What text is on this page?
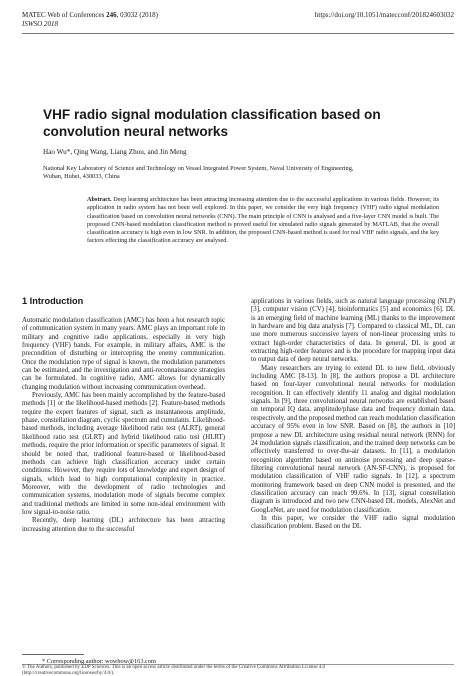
MATEC Web of Conferences 246, 03032 (2018)
ISWSO 2018
https://doi.org/10.1051/matecconf/201824603032
VHF radio signal modulation classification based on convolution neural networks
Hao Wu*, Qing Wang, Liang Zhou, and Jin Meng
National Key Laboratory of Science and Technology on Vessel Integrated Power System, Naval University of Engineering,
Wuhan, Hubei, 430033, China
Abstract. Deep learning architecture has been attracting increasing attention due to the successful applications in various fields. However, its application in radio system has not been well explored. In this paper, we consider the very high frequency (VHF) radio signal modulation classification based on convolution neural networks (CNN). The main principle of CNN is analysed and a five-layer CNN model is built. The proposed CNN-based modulation classification method is proved useful for simulated radio signals generated by MATLAB, that the overall classification accuracy is high even in low SNR. In addition, the proposed CNN-based method is used for real VHF radio signals, and the key factors effecting the classification accuracy are analysed.
1 Introduction

Automatic modulation classification (AMC) has been a hot research topic of communication system in many years. AMC plays an important role in military and cognitive radio applications, especially in very high frequency (VHF) bands. For example, in military affairs, AMC is the precondition of disturbing or intercepting the enemy communication. Once the modulation type of signal is known, the modulation parameters can be estimated, and the investigation and anti-reconnaissance strategies can be formulated. In cognitive radio, AMC allows for dynamically changing modulation without increasing communication overhead.

Previously, AMC has been mainly accomplished by the feature-based methods [1] or the likelihood-based methods [2]. Feature-based methods require the expert features of signal, such as instantaneous amplitude, phase, constellation diagram, cyclic spectrum and cumulants. Likelihood-based methods, including average likelihood ratio test (ALRT), general likelihood ratio test (GLRT) and hybrid likelihood ratio test (HLRT) methods, require the prior information or specific parameters of signal. It should be noted that, traditional feature-based or likelihood-based methods can achieve high classification accuracy under certain conditions. However, they require lots of knowledge and expert design of signals, which lead to high computational complexity in practice. Moreover, with the development of radio technologies and communication systems, modulation mode of signals become complex and traditional methods are limited in some non-ideal environment with low signal-to-noise ratio.

Recently, deep learning (DL) architecture has been attracting increasing attention due to the successful

applications in various fields, such as natural language processing (NLP) [3], computer vision (CV) [4], bioinformatics [5] and economics [6]. DL is an emerging field of machine learning (ML) thanks to the improvement in hardware and big data analysis [7]. Compared to classical ML, DL can use more numerous successive layers of non-linear processing units to extract high-order characteristics of data. In general, DL is good at extracting high-order features and is the procedure for mapping input data to output data of deep neural networks.

Many researchers are trying to extend DL to new field, obviously including AMC [8-13]. In [8], the authors propose a DL architecture based on four-layer convolutional neural networks for modulation recognition. It can effectively identify 11 analog and digital modulation signals. In [9], three convolutional neural networks are established based on temporal IQ data, amplitude/phase data and frequency domain data, respectively, and the proposed method can reach modulation classification accuracy of 95% even in low SNR. Based on [8], the authors in [10] propose a new DL architecture using residual neural network (RNN) for 24 modulation signals classification, and the trained deep networks can be effectively transferred to over-the-air datasets. In [11], a modulation recognition algorithm based on antinoise processing and deep sparse-filtering convolutional neural network (AN-SF-CNN), is proposed for modulation classification of VHF radio signals. In [12], a spectrum monitoring framework based on deep CNN model is presented, and the classification accuracy can reach 99.6%. In [13], signal constellation diagram is introduced and two new CNN-based DL models, AlexNet and GoogLeNet, are used for modulation classification.

In this paper, we consider the VHF radio signal modulation classification problem. Based on the DL

* Corresponding author: wowhow@163.com
© The Authors, published by EDP Sciences. This is an open access article distributed under the terms of the Creative Commons Attribution License 4.0
(http://creativecommons.org/licenses/by/4.0/).
